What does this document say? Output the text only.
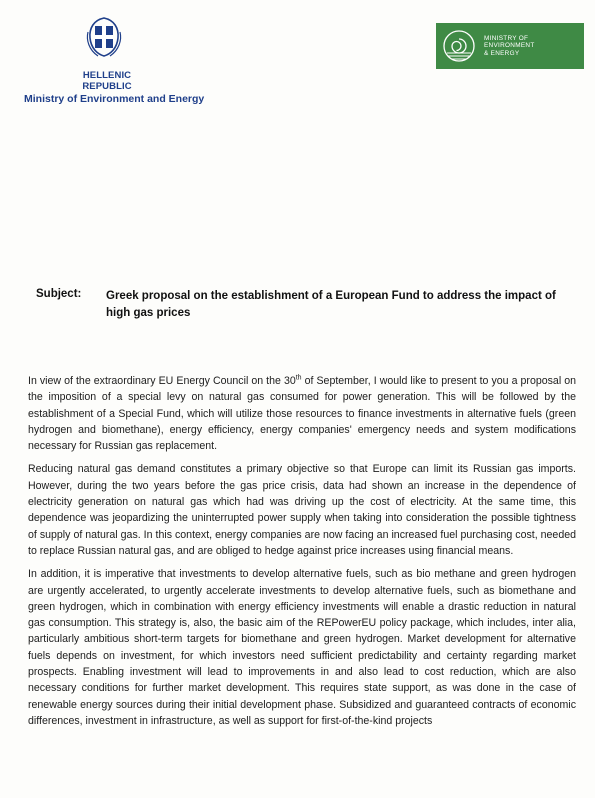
HELLENIC REPUBLIC
Ministry of Environment and Energy
MINISTRY OF
ENVIRONMENT
& ENERGY
Subject: Greek proposal on the establishment of a European Fund to address the impact of high gas prices

In view of the extraordinary EU Energy Council on the 30th of September, I would like to present to you a proposal on the imposition of a special levy on natural gas consumed for power generation. This will be followed by the establishment of a Special Fund, which will utilize those resources to finance investments in alternative fuels (green hydrogen and biomethane), energy efficiency, energy companies' emergency needs and system modifications necessary for Russian gas replacement.

Reducing natural gas demand constitutes a primary objective so that Europe can limit its Russian gas imports. However, during the two years before the gas price crisis, data had shown an increase in the dependence of electricity generation on natural gas which had was driving up the cost of electricity. At the same time, this dependence was jeopardizing the uninterrupted power supply when taking into consideration the possible tightness of supply of natural gas. In this context, energy companies are now facing an increased fuel purchasing cost, needed to replace Russian natural gas, and are obliged to hedge against price increases using financial means.

In addition, it is imperative that investments to develop alternative fuels, such as bio methane and green hydrogen are urgently accelerated, to urgently accelerate investments to develop alternative fuels, such as biomethane and green hydrogen, which in combination with energy efficiency investments will enable a drastic reduction in natural gas consumption. This strategy is, also, the basic aim of the REPowerEU policy package, which includes, inter alia, particularly ambitious short-term targets for biomethane and green hydrogen. Market development for alternative fuels depends on investment, for which investors need sufficient predictability and certainty regarding market prospects. Enabling investment will lead to improvements in and also lead to cost reduction, which are also necessary conditions for further market development. This requires state support, as was done in the case of renewable energy sources during their initial development phase. Subsidized and guaranteed contracts of economic differences, investment in infrastructure, as well as support for first-of-the-kind projects
